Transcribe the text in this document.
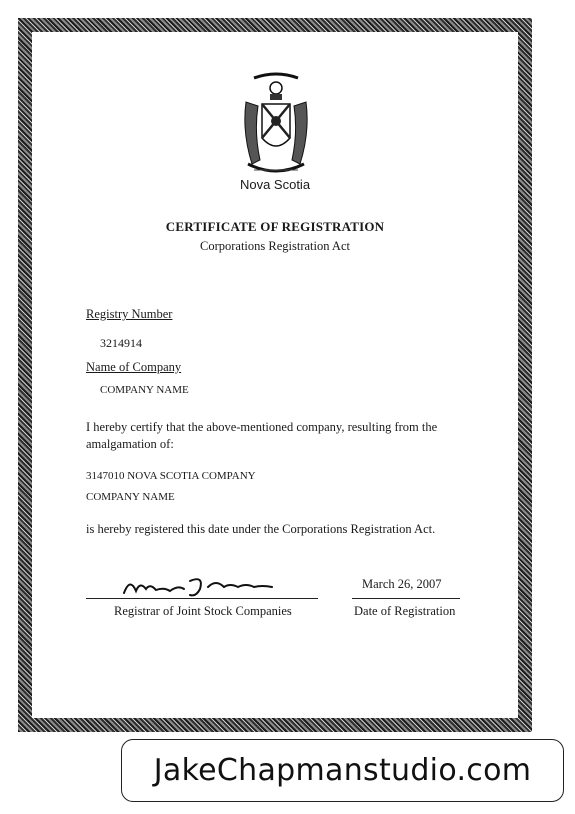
Nova Scotia
CERTIFICATE OF REGISTRATION
Corporations Registration Act
Registry Number
3214914
Name of Company
COMPANY NAME
I hereby certify that the above-mentioned company, resulting from the amalgamation of:
3147010 NOVA SCOTIA COMPANY
COMPANY NAME
is hereby registered this date under the Corporations Registration Act.
Registrar of Joint Stock Companies
March 26, 2007
Date of Registration
JakeChapmanstudio.com
